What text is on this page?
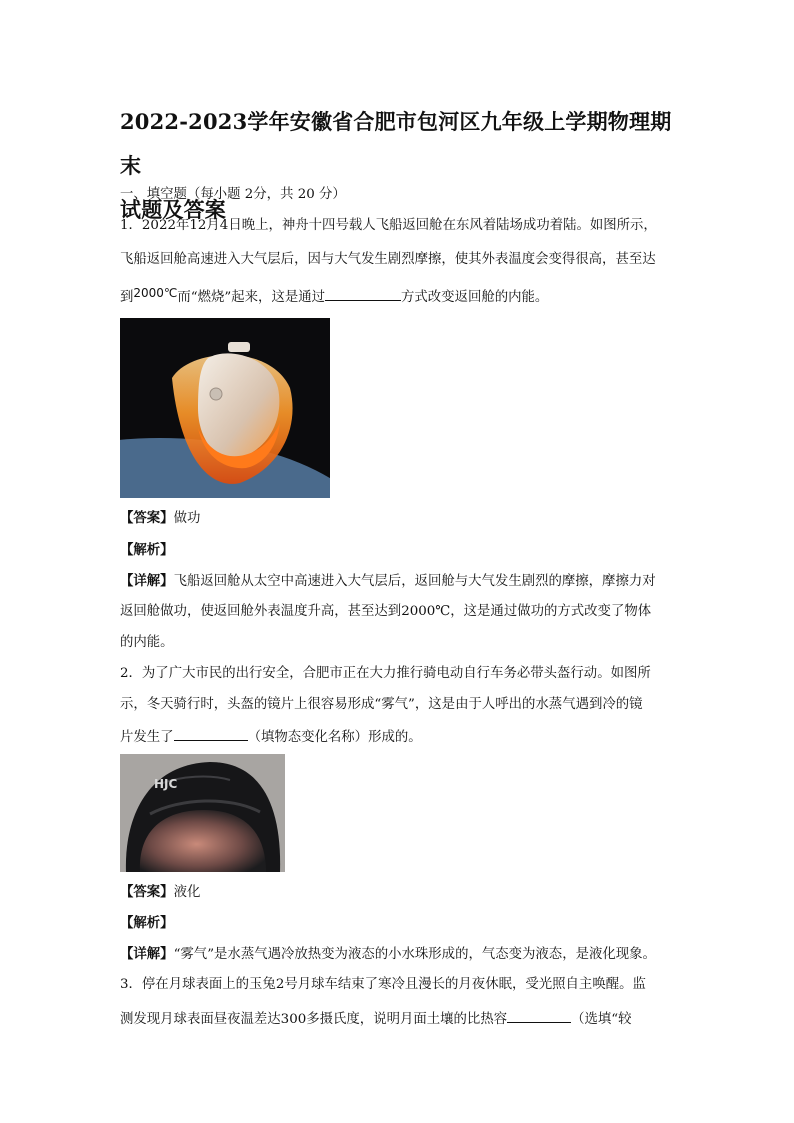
2022-2023学年安徽省合肥市包河区九年级上学期物理期末
试题及答案
一、填空题（每小题 2分，共 20 分）
1．2022年12月4日晚上，神舟十四号载人飞船返回舱在东风着陆场成功着陆。如图所示，
飞船返回舱高速进入大气层后，因与大气发生剧烈摩擦，使其外表温度会变得很高，甚至达
到2000℃而“燃烧”起来，这是通过	方式改变返回舱的内能。
【答案】做功
【解析】
【详解】飞船返回舱从太空中高速进入大气层后，返回舱与大气发生剧烈的摩擦，摩擦力对
返回舱做功，使返回舱外表温度升高，甚至达到2000℃，这是通过做功的方式改变了物体
的内能。
2．为了广大市民的出行安全，合肥市正在大力推行骑电动自行车务必带头盔行动。如图所
示，冬天骑行时，头盔的镜片上很容易形成“雾气”，这是由于人呼出的水蒸气遇到冷的镜
片发生了	（填物态变化名称）形成的。
HJC
【答案】液化
【解析】
【详解】“雾气”是水蒸气遇冷放热变为液态的小水珠形成的，气态变为液态，是液化现象。
3．停在月球表面上的玉兔2号月球车结束了寒冷且漫长的月夜休眠，受光照自主唤醒。监
测发现月球表面昼夜温差达300多摄氏度，说明月面土壤的比热容	（选填“较
